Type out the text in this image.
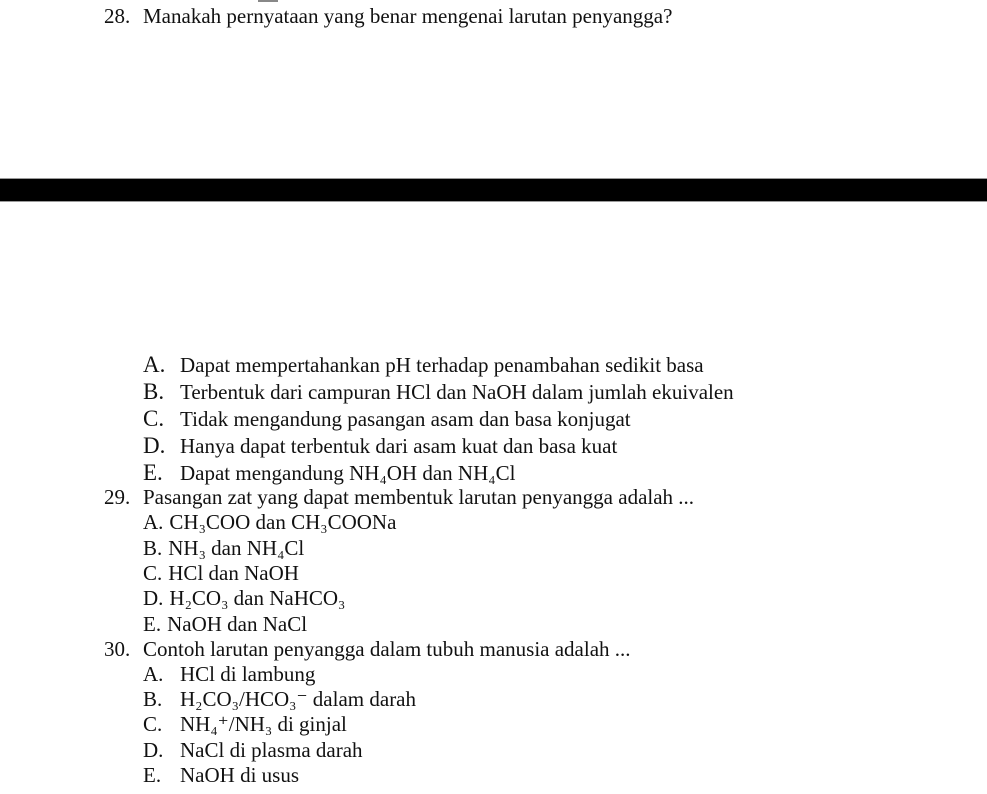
28. Manakah pernyataan yang benar mengenai larutan penyangga?
A. Dapat mempertahankan pH terhadap penambahan sedikit basa
B. Terbentuk dari campuran HCl dan NaOH dalam jumlah ekuivalen
C. Tidak mengandung pasangan asam dan basa konjugat
D. Hanya dapat terbentuk dari asam kuat dan basa kuat
E. Dapat mengandung NH₄OH dan NH₄Cl
29. Pasangan zat yang dapat membentuk larutan penyangga adalah ...
A. CH₃COO dan CH₃COONa
B. NH₃ dan NH₄Cl
C. HCl dan NaOH
D. H₂CO₃ dan NaHCO₃
E. NaOH dan NaCl
30. Contoh larutan penyangga dalam tubuh manusia adalah ...
A. HCl di lambung
B. H₂CO₃/HCO₃⁻ dalam darah
C. NH₄⁺/NH₃ di ginjal
D. NaCl di plasma darah
E. NaOH di usus
